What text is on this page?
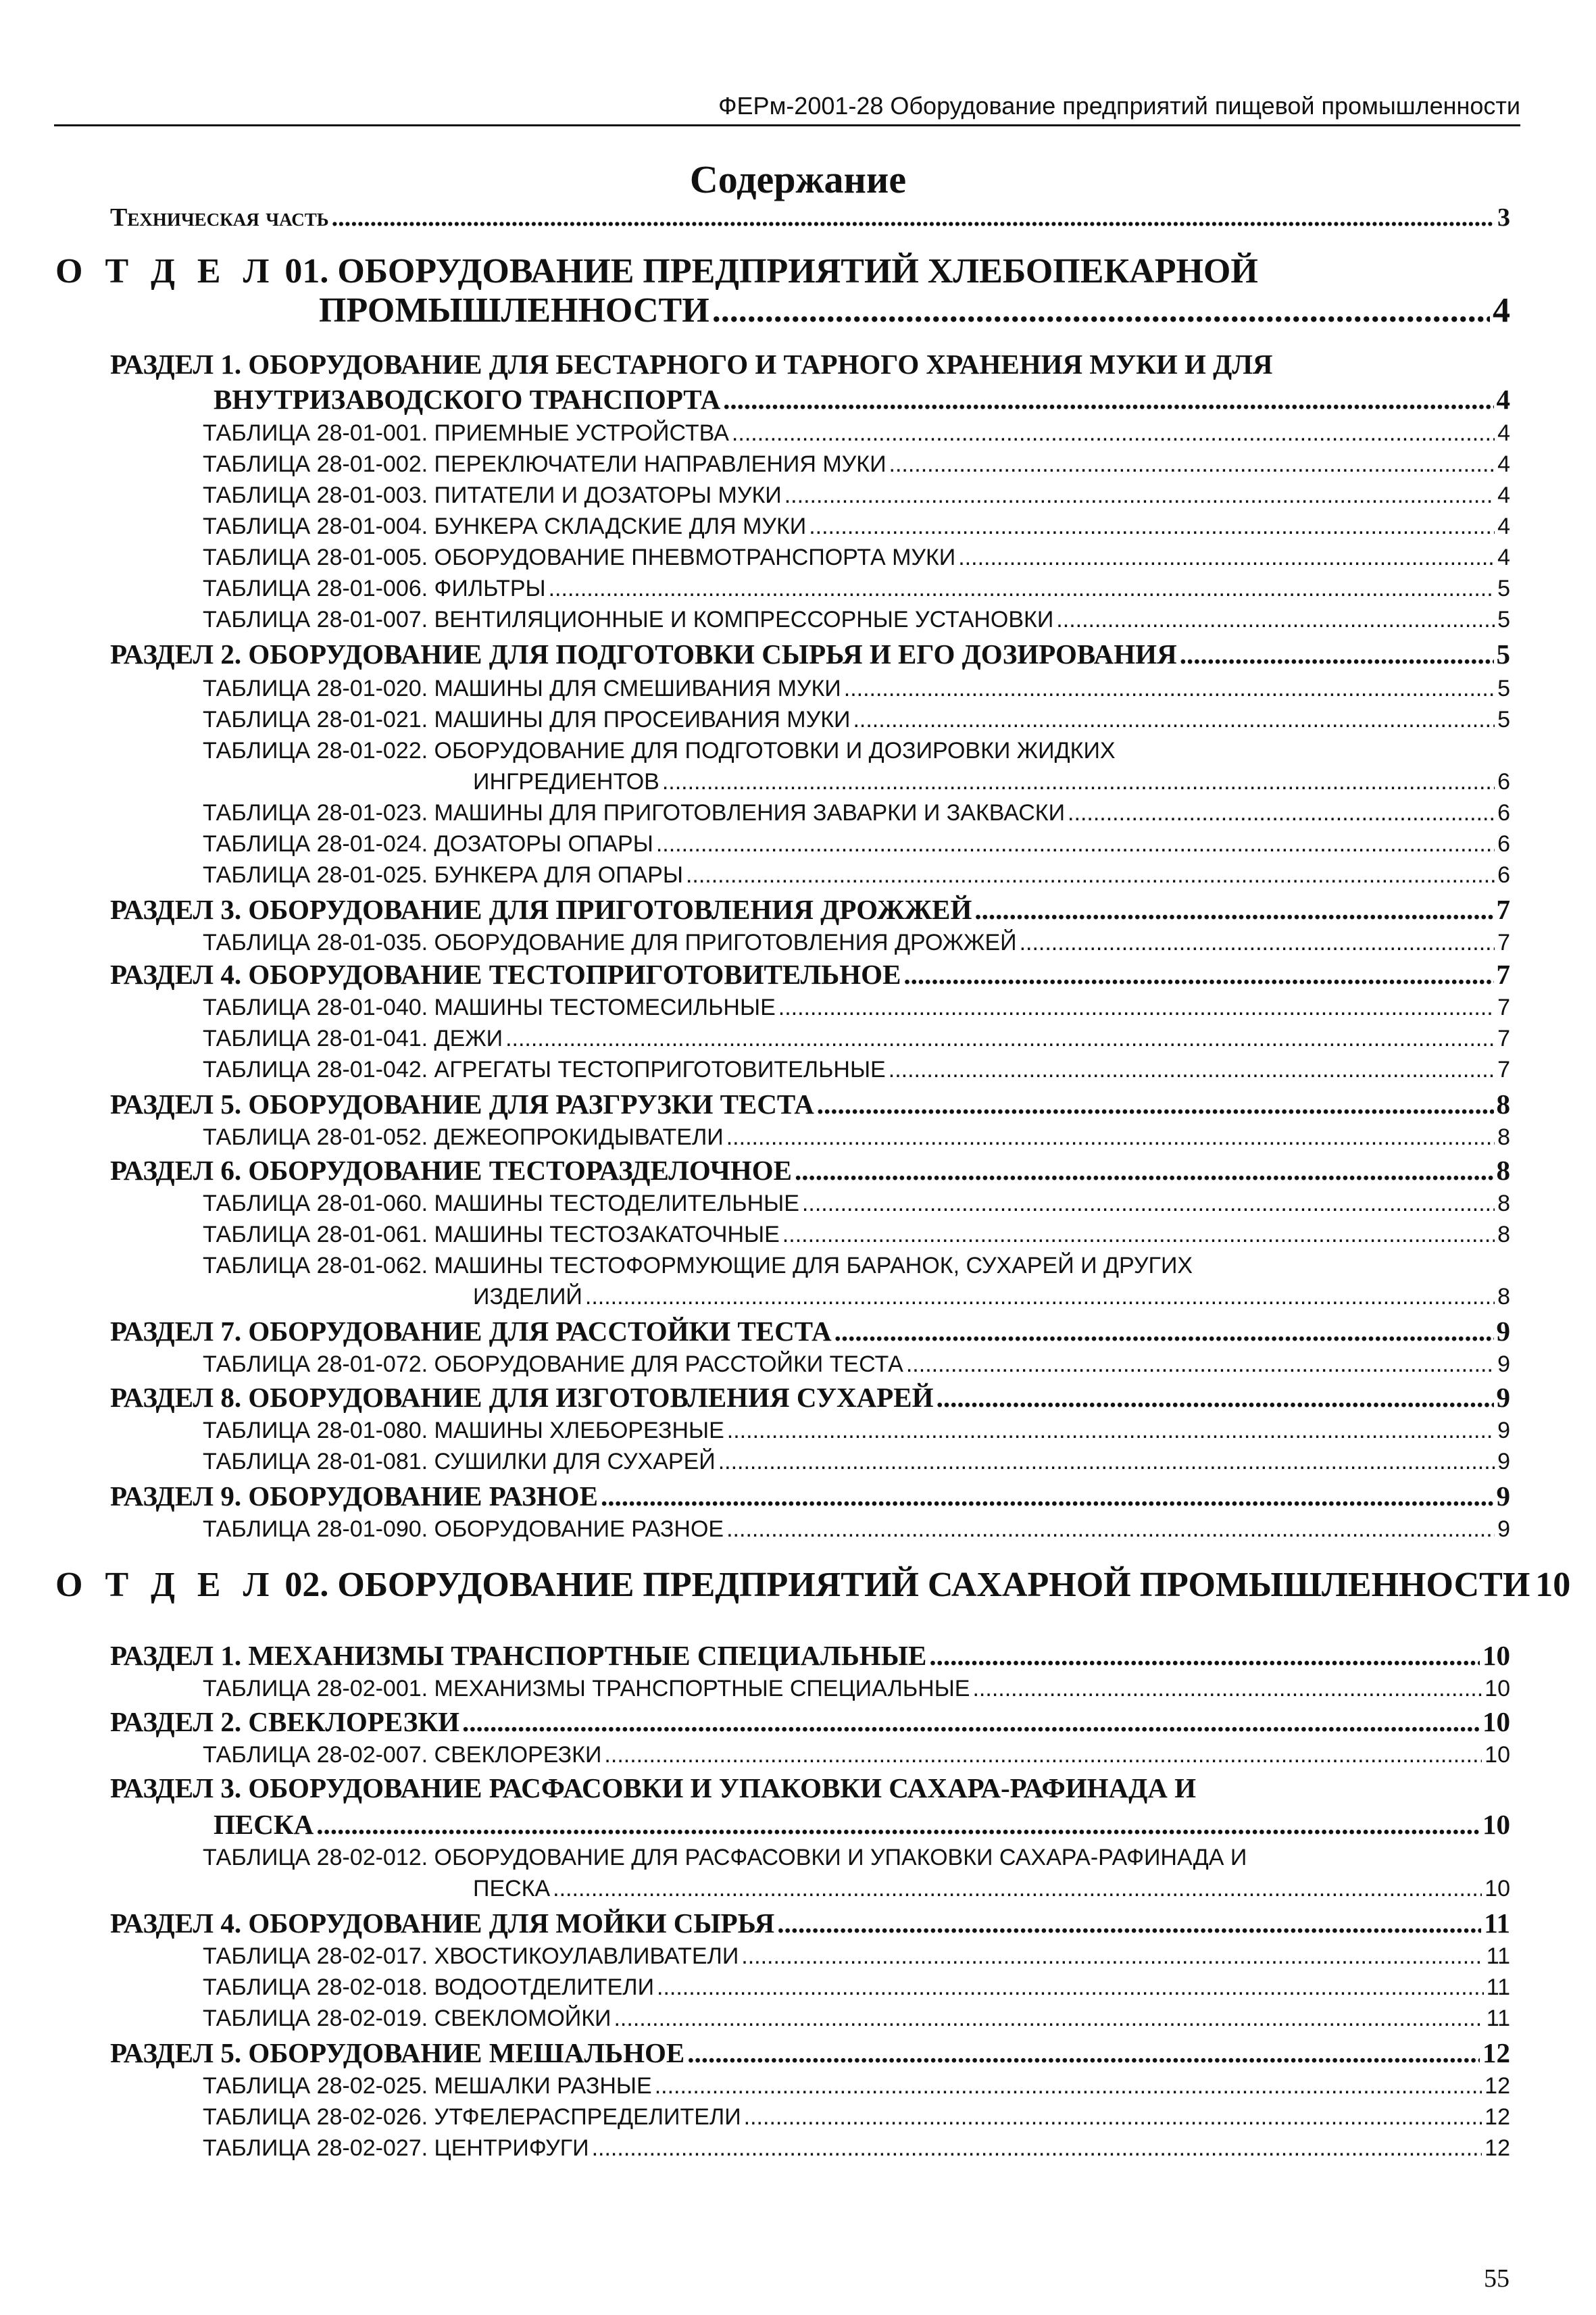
ФЕРм-2001-28 Оборудование предприятий пищевой промышленности
Содержание
Техническая часть .....	3
О Т Д Е Л 01. ОБОРУДОВАНИЕ ПРЕДПРИЯТИЙ ХЛЕБОПЕКАРНОЙ
ПРОМЫШЛЕННОСТИ .....	4
РАЗДЕЛ 1. ОБОРУДОВАНИЕ ДЛЯ БЕСТАРНОГО И ТАРНОГО ХРАНЕНИЯ МУКИ И ДЛЯ
ВНУТРИЗАВОДСКОГО ТРАНСПОРТА .....	4
ТАБЛИЦА 28-01-001. ПРИЕМНЫЕ УСТРОЙСТВА .....	4
ТАБЛИЦА 28-01-002. ПЕРЕКЛЮЧАТЕЛИ НАПРАВЛЕНИЯ МУКИ .....	4
ТАБЛИЦА 28-01-003. ПИТАТЕЛИ И ДОЗАТОРЫ МУКИ .....	4
ТАБЛИЦА 28-01-004. БУНКЕРА СКЛАДСКИЕ ДЛЯ МУКИ .....	4
ТАБЛИЦА 28-01-005. ОБОРУДОВАНИЕ ПНЕВМОТРАНСПОРТА МУКИ .....	4
ТАБЛИЦА 28-01-006. ФИЛЬТРЫ .....	5
ТАБЛИЦА 28-01-007. ВЕНТИЛЯЦИОННЫЕ И КОМПРЕССОРНЫЕ УСТАНОВКИ .....	5
РАЗДЕЛ 2. ОБОРУДОВАНИЕ ДЛЯ ПОДГОТОВКИ СЫРЬЯ И ЕГО ДОЗИРОВАНИЯ .....	5
ТАБЛИЦА 28-01-020. МАШИНЫ ДЛЯ СМЕШИВАНИЯ МУКИ .....	5
ТАБЛИЦА 28-01-021. МАШИНЫ ДЛЯ ПРОСЕИВАНИЯ МУКИ .....	5
ТАБЛИЦА 28-01-022. ОБОРУДОВАНИЕ ДЛЯ ПОДГОТОВКИ И ДОЗИРОВКИ ЖИДКИХ
ИНГРЕДИЕНТОВ .....	6
ТАБЛИЦА 28-01-023. МАШИНЫ ДЛЯ ПРИГОТОВЛЕНИЯ ЗАВАРКИ И ЗАКВАСКИ .....	6
ТАБЛИЦА 28-01-024. ДОЗАТОРЫ ОПАРЫ .....	6
ТАБЛИЦА 28-01-025. БУНКЕРА ДЛЯ ОПАРЫ .....	6
РАЗДЕЛ 3. ОБОРУДОВАНИЕ ДЛЯ ПРИГОТОВЛЕНИЯ ДРОЖЖЕЙ .....	7
ТАБЛИЦА 28-01-035. ОБОРУДОВАНИЕ ДЛЯ ПРИГОТОВЛЕНИЯ ДРОЖЖЕЙ .....	7
РАЗДЕЛ 4. ОБОРУДОВАНИЕ ТЕСТОПРИГОТОВИТЕЛЬНОЕ .....	7
ТАБЛИЦА 28-01-040. МАШИНЫ ТЕСТОМЕСИЛЬНЫЕ .....	7
ТАБЛИЦА 28-01-041. ДЕЖИ .....	7
ТАБЛИЦА 28-01-042. АГРЕГАТЫ ТЕСТОПРИГОТОВИТЕЛЬНЫЕ .....	7
РАЗДЕЛ 5. ОБОРУДОВАНИЕ ДЛЯ РАЗГРУЗКИ ТЕСТА .....	8
ТАБЛИЦА 28-01-052. ДЕЖЕОПРОКИДЫВАТЕЛИ .....	8
РАЗДЕЛ 6. ОБОРУДОВАНИЕ ТЕСТОРАЗДЕЛОЧНОЕ .....	8
ТАБЛИЦА 28-01-060. МАШИНЫ ТЕСТОДЕЛИТЕЛЬНЫЕ .....	8
ТАБЛИЦА 28-01-061. МАШИНЫ ТЕСТОЗАКАТОЧНЫЕ .....	8
ТАБЛИЦА 28-01-062. МАШИНЫ ТЕСТОФОРМУЮЩИЕ ДЛЯ БАРАНОК, СУХАРЕЙ И ДРУГИХ
ИЗДЕЛИЙ .....	8
РАЗДЕЛ 7. ОБОРУДОВАНИЕ ДЛЯ РАССТОЙКИ ТЕСТА .....	9
ТАБЛИЦА 28-01-072. ОБОРУДОВАНИЕ ДЛЯ РАССТОЙКИ ТЕСТА .....	9
РАЗДЕЛ 8. ОБОРУДОВАНИЕ ДЛЯ ИЗГОТОВЛЕНИЯ СУХАРЕЙ .....	9
ТАБЛИЦА 28-01-080. МАШИНЫ ХЛЕБОРЕЗНЫЕ .....	9
ТАБЛИЦА 28-01-081. СУШИЛКИ ДЛЯ СУХАРЕЙ .....	9
РАЗДЕЛ 9. ОБОРУДОВАНИЕ РАЗНОЕ .....	9
ТАБЛИЦА 28-01-090. ОБОРУДОВАНИЕ РАЗНОЕ .....	9
О Т Д Е Л 02. ОБОРУДОВАНИЕ ПРЕДПРИЯТИЙ САХАРНОЙ ПРОМЫШЛЕННОСТИ 10
РАЗДЕЛ 1. МЕХАНИЗМЫ ТРАНСПОРТНЫЕ СПЕЦИАЛЬНЫЕ .....	10
ТАБЛИЦА 28-02-001. МЕХАНИЗМЫ ТРАНСПОРТНЫЕ СПЕЦИАЛЬНЫЕ .....	10
РАЗДЕЛ 2. СВЕКЛОРЕЗКИ .....	10
ТАБЛИЦА 28-02-007. СВЕКЛОРЕЗКИ .....	10
РАЗДЕЛ 3. ОБОРУДОВАНИЕ РАСФАСОВКИ И УПАКОВКИ САХАРА-РАФИНАДА И
ПЕСКА .....	10
ТАБЛИЦА 28-02-012. ОБОРУДОВАНИЕ ДЛЯ РАСФАСОВКИ И УПАКОВКИ САХАРА-РАФИНАДА И
ПЕСКА .....	10
РАЗДЕЛ 4. ОБОРУДОВАНИЕ ДЛЯ МОЙКИ СЫРЬЯ .....	11
ТАБЛИЦА 28-02-017. ХВОСТИКОУЛАВЛИВАТЕЛИ .....	11
ТАБЛИЦА 28-02-018. ВОДООТДЕЛИТЕЛИ .....	11
ТАБЛИЦА 28-02-019. СВЕКЛОМОЙКИ .....	11
РАЗДЕЛ 5. ОБОРУДОВАНИЕ МЕШАЛЬНОЕ .....	12
ТАБЛИЦА 28-02-025. МЕШАЛКИ РАЗНЫЕ .....	12
ТАБЛИЦА 28-02-026. УТФЕЛЕРАСПРЕДЕЛИТЕЛИ .....	12
ТАБЛИЦА 28-02-027. ЦЕНТРИФУГИ .....	12
55
